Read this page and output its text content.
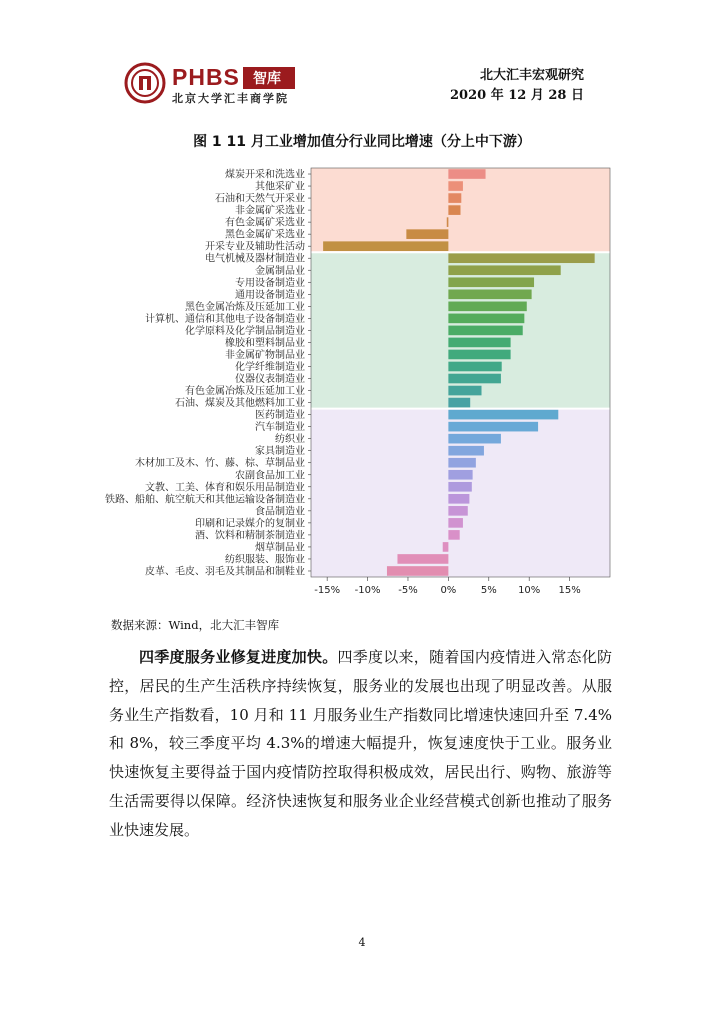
PHBS 智库
北京大学汇丰商学院
北大汇丰宏观研究
2020 年 12 月 28 日
图 1 11 月工业增加值分行业同比增速（分上中下游）
煤炭开采和洗选业
其他采矿业
石油和天然气开采业
非金属矿采选业
有色金属矿采选业
黑色金属矿采选业
开采专业及辅助性活动
电气机械及器材制造业
金属制品业
专用设备制造业
通用设备制造业
黑色金属冶炼及压延加工业
计算机、通信和其他电子设备制造业
化学原料及化学制品制造业
橡胶和塑料制品业
非金属矿物制品业
化学纤维制造业
仪器仪表制造业
有色金属冶炼及压延加工业
石油、煤炭及其他燃料加工业
医药制造业
汽车制造业
纺织业
家具制造业
木材加工及木、竹、藤、棕、草制品业
农副食品加工业
文教、工美、体育和娱乐用品制造业
铁路、船舶、航空航天和其他运输设备制造业
食品制造业
印刷和记录媒介的复制业
酒、饮料和精制茶制造业
烟草制品业
纺织服装、服饰业
皮革、毛皮、羽毛及其制品和制鞋业
-15% -10% -5% 0% 5% 10% 15%
数据来源：Wind，北大汇丰智库

四季度服务业修复进度加快。四季度以来，随着国内疫情进入常态化防控，居民的生产生活秩序持续恢复，服务业的发展也出现了明显改善。从服务业生产指数看，10 月和 11 月服务业生产指数同比增速快速回升至 7.4%和 8%，较三季度平均 4.3%的增速大幅提升，恢复速度快于工业。服务业快速恢复主要得益于国内疫情防控取得积极成效，居民出行、购物、旅游等生活需要得以保障。经济快速恢复和服务业企业经营模式创新也推动了服务业快速发展。

4
